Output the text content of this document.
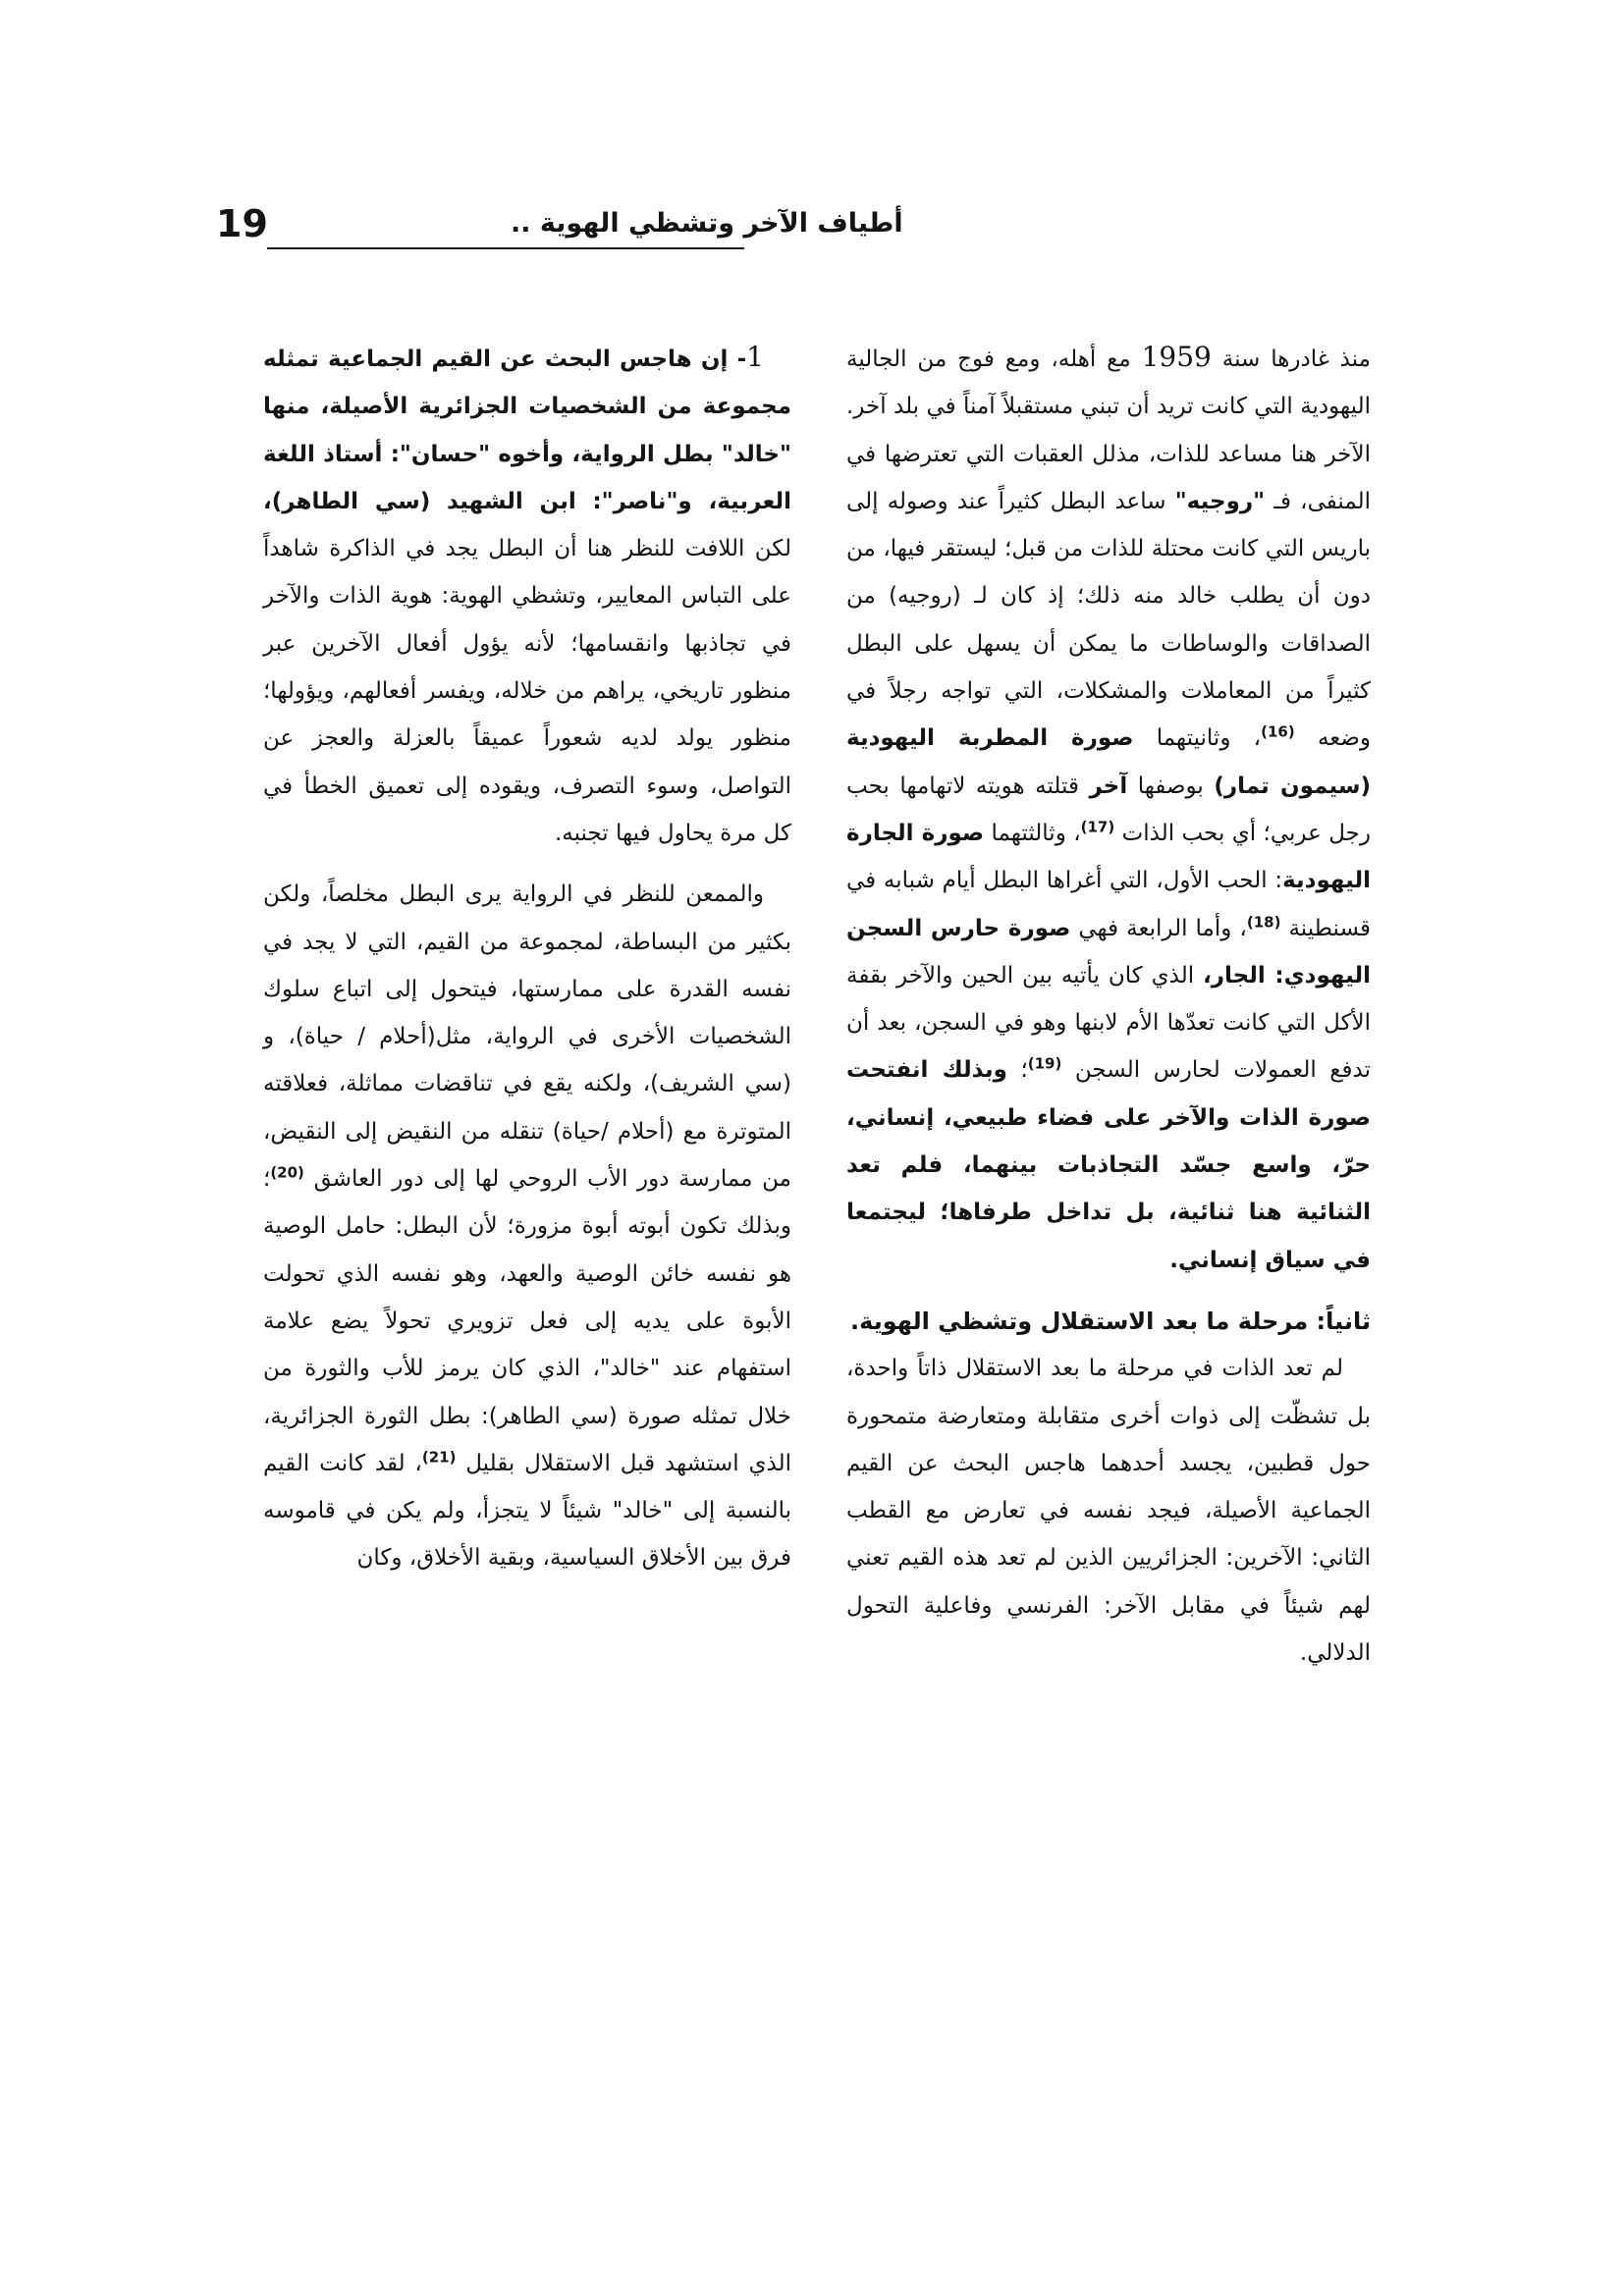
19	أطياف الآخر وتشظي الهوية ..

منذ غادرها سنة 1959 مع أهله، ومع فوج من الجالية اليهودية التي كانت تريد أن تبني مستقبلاً آمناً في بلد آخر. الآخر هنا مساعد للذات، مذلل العقبات التي تعترضها في المنفى، فـ "روجيه" ساعد البطل كثيراً عند وصوله إلى باريس التي كانت محتلة للذات من قبل؛ ليستقر فيها، من دون أن يطلب خالد منه ذلك؛ إذ كان لـ (روجيه) من الصداقات والوساطات ما يمكن أن يسهل على البطل كثيراً من المعاملات والمشكلات، التي تواجه رجلاً في وضعه $^{(16)}$، وثانيتهما صورة المطربة اليهودية (سيمون تمار) بوصفها آخر قتلته هويته لاتهامها بحب رجل عربي؛ أي بحب الذات $^{(17)}$، وثالثتهما صورة الجارة اليهودية: الحب الأول، التي أغراها البطل أيام شبابه في قسنطينة $^{(18)}$، وأما الرابعة فهي صورة حارس السجن اليهودي: الجار، الذي كان يأتيه بين الحين والآخر بقفة الأكل التي كانت تعدّها الأم لابنها وهو في السجن، بعد أن تدفع العمولات لحارس السجن $^{(19)}$؛ وبذلك انفتحت صورة الذات والآخر على فضاء طبيعي، إنساني، حرّ، واسع جسّد التجاذبات بينهما، فلم تعد الثنائية هنا ثنائية، بل تداخل طرفاها؛ ليجتمعا في سياق إنساني.

ثانياً: مرحلة ما بعد الاستقلال وتشظي الهوية.

لم تعد الذات في مرحلة ما بعد الاستقلال ذاتاً واحدة، بل تشظّت إلى ذوات أخرى متقابلة ومتعارضة متمحورة حول قطبين، يجسد أحدهما هاجس البحث عن القيم الجماعية الأصيلة، فيجد نفسه في تعارض مع القطب الثاني: الآخرين: الجزائريين الذين لم تعد هذه القيم تعني لهم شيئاً في مقابل الآخر: الفرنسي وفاعلية التحول الدلالي.

1- إن هاجس البحث عن القيم الجماعية تمثله مجموعة من الشخصيات الجزائرية الأصيلة، منها "خالد" بطل الرواية، وأخوه "حسان": أستاذ اللغة العربية، و"ناصر": ابن الشهيد (سي الطاهر)، لكن اللافت للنظر هنا أن البطل يجد في الذاكرة شاهداً على التباس المعايير، وتشظي الهوية: هوية الذات والآخر في تجاذبها وانقسامها؛ لأنه يؤول أفعال الآخرين عبر منظور تاريخي، يراهم من خلاله، ويفسر أفعالهم، ويؤولها؛ منظور يولد لديه شعوراً عميقاً بالعزلة والعجز عن التواصل، وسوء التصرف، ويقوده إلى تعميق الخطأ في كل مرة يحاول فيها تجنبه.

والممعن للنظر في الرواية يرى البطل مخلصاً، ولكن بكثير من البساطة، لمجموعة من القيم، التي لا يجد في نفسه القدرة على ممارستها، فيتحول إلى اتباع سلوك الشخصيات الأخرى في الرواية، مثل(أحلام / حياة)، و (سي الشريف)، ولكنه يقع في تناقضات مماثلة، فعلاقته المتوترة مع (أحلام /حياة) تنقله من النقيض إلى النقيض، من ممارسة دور الأب الروحي لها إلى دور العاشق $^{(20)}$؛ وبذلك تكون أبوته أبوة مزورة؛ لأن البطل: حامل الوصية هو نفسه خائن الوصية والعهد، وهو نفسه الذي تحولت الأبوة على يديه إلى فعل تزويري تحولاً يضع علامة استفهام عند "خالد"، الذي كان يرمز للأب والثورة من خلال تمثله صورة (سي الطاهر): بطل الثورة الجزائرية، الذي استشهد قبل الاستقلال بقليل $^{(21)}$، لقد كانت القيم بالنسبة إلى "خالد" شيئاً لا يتجزأ، ولم يكن في قاموسه فرق بين الأخلاق السياسية، وبقية الأخلاق، وكان
